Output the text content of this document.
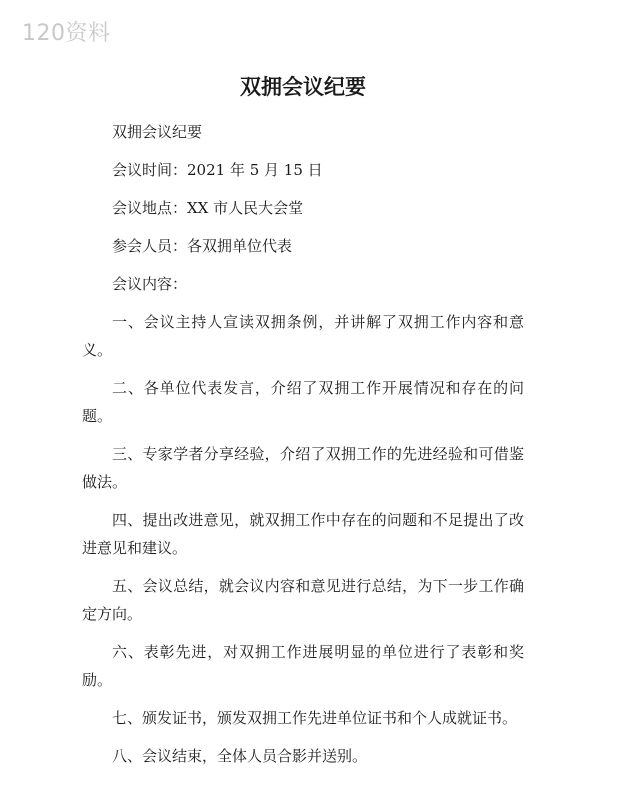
120资料
双拥会议纪要
双拥会议纪要
会议时间：2021 年 5 月 15 日
会议地点：XX 市人民大会堂
参会人员：各双拥单位代表
会议内容：
一、会议主持人宣读双拥条例，并讲解了双拥工作内容和意义。
二、各单位代表发言，介绍了双拥工作开展情况和存在的问题。
三、专家学者分享经验，介绍了双拥工作的先进经验和可借鉴做法。
四、提出改进意见，就双拥工作中存在的问题和不足提出了改进意见和建议。
五、会议总结，就会议内容和意见进行总结，为下一步工作确定方向。
六、表彰先进，对双拥工作进展明显的单位进行了表彰和奖励。
七、颁发证书，颁发双拥工作先进单位证书和个人成就证书。
八、会议结束，全体人员合影并送别。
